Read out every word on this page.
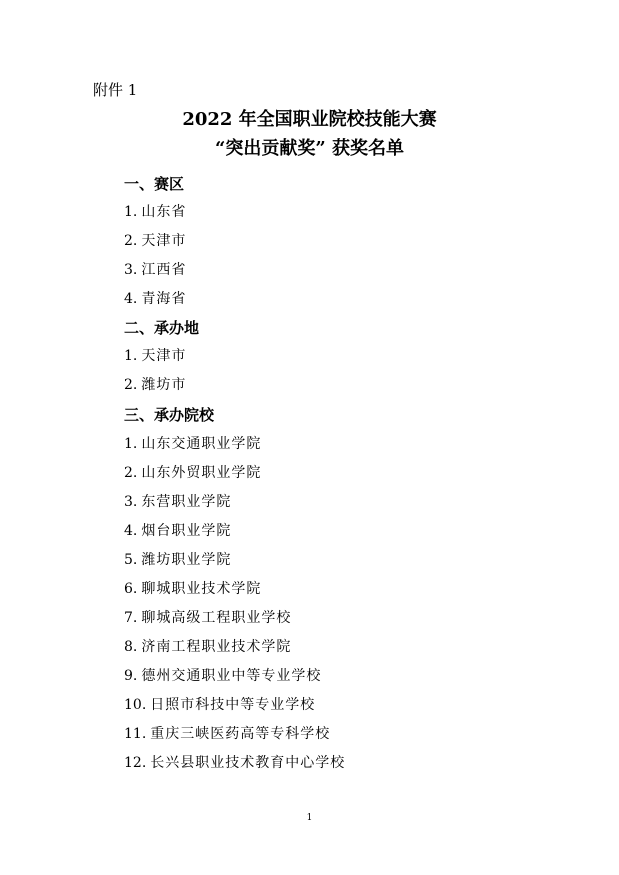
附件 1
2022 年全国职业院校技能大赛
“突出贡献奖” 获奖名单
一、赛区
1. 山东省
2. 天津市
3. 江西省
4. 青海省
二、承办地
1. 天津市
2. 潍坊市
三、承办院校
1. 山东交通职业学院
2. 山东外贸职业学院
3. 东营职业学院
4. 烟台职业学院
5. 潍坊职业学院
6. 聊城职业技术学院
7. 聊城高级工程职业学校
8. 济南工程职业技术学院
9. 德州交通职业中等专业学校
10. 日照市科技中等专业学校
11. 重庆三峡医药高等专科学校
12. 长兴县职业技术教育中心学校
1
